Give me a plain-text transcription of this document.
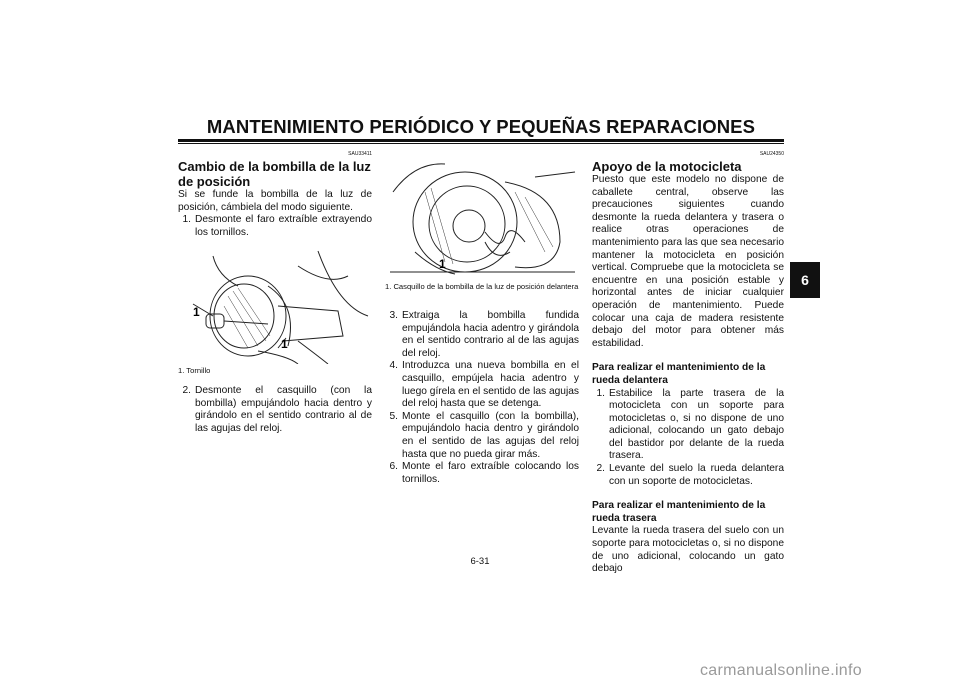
MANTENIMIENTO PERIÓDICO Y PEQUEÑAS REPARACIONES
SAU33411
Cambio de la bombilla de la luz de posición

Si se funde la bombilla de la luz de posición, cámbiela del modo siguiente.

1. Desmonte el faro extraíble extrayendo los tornillos.
1
1
1. Tornillo
2. Desmonte el casquillo (con la bombilla) empujándolo hacia dentro y girándolo en el sentido contrario al de las agujas del reloj.
1
1. Casquillo de la bombilla de la luz de posición delantera
3. Extraiga la bombilla fundida empujándola hacia adentro y girándola en el sentido contrario al de las agujas del reloj.
4. Introduzca una nueva bombilla en el casquillo, empújela hacia adentro y luego gírela en el sentido de las agujas del reloj hasta que se detenga.
5. Monte el casquillo (con la bombilla), empujándolo hacia dentro y girándolo en el sentido de las agujas del reloj hasta que no pueda girar más.
6. Monte el faro extraíble colocando los tornillos.
SAU24350
Apoyo de la motocicleta

Puesto que este modelo no dispone de caballete central, observe las precauciones siguientes cuando desmonte la rueda delantera y trasera o realice otras operaciones de mantenimiento para las que sea necesario mantener la motocicleta en posición vertical. Compruebe que la motocicleta se encuentre en una posición estable y horizontal antes de iniciar cualquier operación de mantenimiento. Puede colocar una caja de madera resistente debajo del motor para obtener más estabilidad.

Para realizar el mantenimiento de la rueda delantera

1. Estabilice la parte trasera de la motocicleta con un soporte para motocicletas o, si no dispone de uno adicional, colocando un gato debajo del bastidor por delante de la rueda trasera.
2. Levante del suelo la rueda delantera con un soporte de motocicletas.

Para realizar el mantenimiento de la rueda trasera

Levante la rueda trasera del suelo con un soporte para motocicletas o, si no dispone de uno adicional, colocando un gato debajo

6
6-31
carmanualsonline.info
